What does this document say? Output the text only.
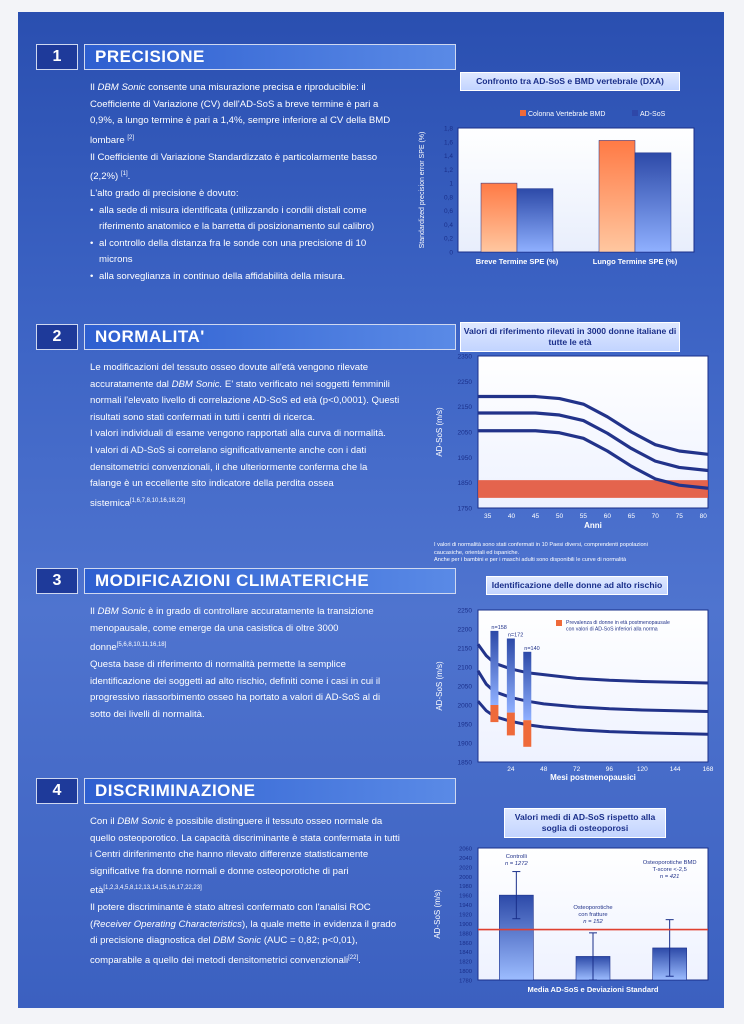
1	PRECISIONE

Il DBM Sonic consente una misurazione precisa e riproducibile: il Coefficiente di Variazione (CV) dell'AD-SoS a breve termine è pari a 0,9%, a lungo termine è pari a 1,4%, sempre inferiore al CV della BMD lombare [2]

Il Coefficiente di Variazione Standardizzato è particolarmente basso (2,2%) [1].

L'alto grado di precisione è dovuto:

• alla sede di misura identificata (utilizzando i condili distali come riferimento anatomico e la barretta di posizionamento sul calibro)
• al controllo della distanza fra le sonde con una precisione di 10 microns
• alla sorveglianza in continuo della affidabilità della misura.
2	NORMALITA'

Le modificazioni del tessuto osseo dovute all'età vengono rilevate accuratamente dal DBM Sonic. E' stato verificato nei soggetti femminili normali l'elevato livello di correlazione AD-SoS ed età (p<0,0001). Questi risultati sono stati confermati in tutti i centri di ricerca.

I valori individuali di esame vengono rapportati alla curva di normalità.

I valori di AD-SoS si correlano significativamente anche con i dati densitometrici convenzionali, il che ulteriormente conferma che la falange è un eccellente sito indicatore della perdita ossea sistemica[1,6,7,8,10,16,18,23]

3	MODIFICAZIONI CLIMATERICHE

Il DBM Sonic è in grado di controllare accuratamente la transizione menopausale, come emerge da una casistica di oltre 3000 donne[5,6,8,10,11,16,18]

Questa base di riferimento di normalità permette la semplice identificazione dei soggetti ad alto rischio, definiti come i casi in cui il progressivo riassorbimento osseo ha portato a valori di AD-SoS al di sotto dei livelli di normalità.

4	DISCRIMINAZIONE

Con il DBM Sonic è possibile distinguere il tessuto osseo normale da quello osteoporotico. La capacità discriminante è stata confermata in tutti i Centri diriferimento che hanno rilevato differenze statisticamente significative fra donne normali e donne osteoporotiche di pari età[1,2,3,4,5,8,12,13,14,15,16,17,22,23]

Il potere discriminante è stato altresì confermato con l'analisi ROC (Receiver Operating Characteristics), la quale mette in evidenza il grado di precisione diagnostica del DBM Sonic (AUC = 0,82; p<0,01), comparabile a quello dei metodi densitometrici convenzionali[22].

Confronto tra AD-SoS e BMD vertebrale (DXA)
Valori di riferimento rilevati in 3000 donne italiane di tutte le età
Identificazione delle donne ad alto rischio
Valori medi di AD-SoS rispetto alla soglia di osteoporosi
0
0,2
0,4
0,6
0,8
1
1,2
1,4
1,6
1,8
Standardized precision error SPE (%)
Colonna Vertebrale BMD	AD-SoS
Breve Termine SPE (%)	Lungo Termine SPE (%)
1750
1850
1950
2050
2150
2250
2350
35	40	45	50	55	60	65	70	75	80
Anni
AD-SoS (m/s)
I valori di normalità sono stati confermati in 10 Paesi diversi, comprendenti popolazioni
caucasiche, orientali ed ispaniche.
Anche per i bambini e per i maschi adulti sono disponibili le curve di normalità
1850
1900
1950
2000
2050
2100
2150
2200
2250
24	48	72	96	120	144	168
Mesi postmenopausici
AD-SoS (m/s)
n=158
n=172
n=140
Prevalenza di donne in età postmenopausale con valori di AD-SoS inferiori alla norma
1780
1800
1820
1840
1860
1880
1900
1920
1940
1960
1980
2000
2020
2040
2060
AD-SoS (m/s)
Media AD-SoS e Deviazioni Standard
Controlli
n = 1272
Osteoporotiche
con fratture
n = 152
Osteoporotiche BMD
T-score <-2,5
n = 421
